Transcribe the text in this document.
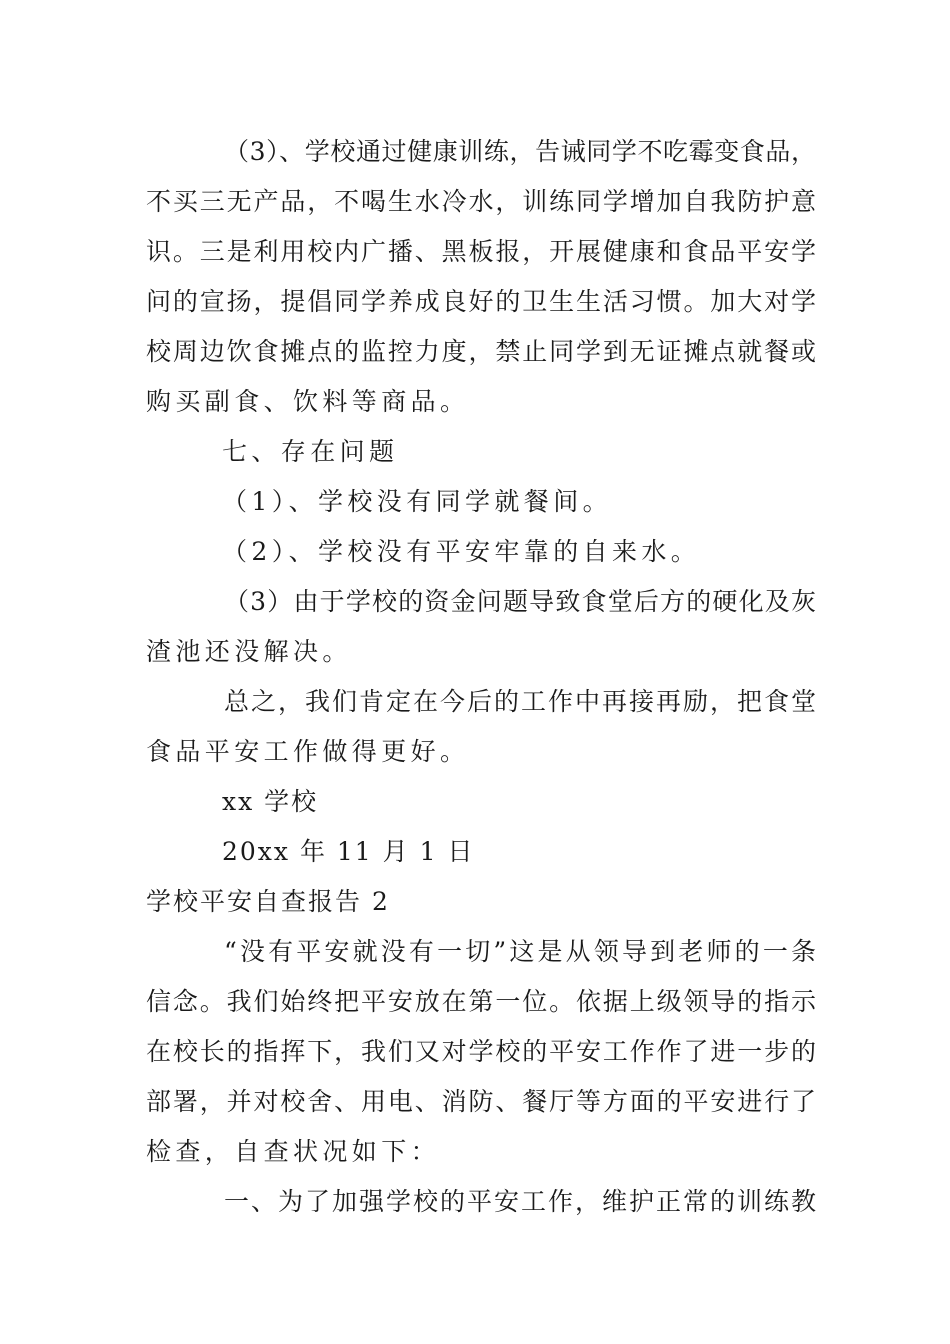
（3）、学校通过健康训练，告诫同学不吃霉变食品，
不买三无产品，不喝生水冷水，训练同学增加自我防护意
识。三是利用校内广播、黑板报，开展健康和食品平安学
问的宣扬，提倡同学养成良好的卫生生活习惯。加大对学
校周边饮食摊点的监控力度，禁止同学到无证摊点就餐或
购买副食、饮料等商品。
七、存在问题
（1）、学校没有同学就餐间。
（2）、学校没有平安牢靠的自来水。
（3）由于学校的资金问题导致食堂后方的硬化及灰
渣池还没解决。
总之，我们肯定在今后的工作中再接再励，把食堂
食品平安工作做得更好。
xx 学校
20xx 年 11 月 1 日
学校平安自查报告 2
“没有平安就没有一切”这是从领导到老师的一条
信念。我们始终把平安放在第一位。依据上级领导的指示
在校长的指挥下，我们又对学校的平安工作作了进一步的
部署，并对校舍、用电、消防、餐厅等方面的平安进行了
检查，自查状况如下：
一、为了加强学校的平安工作，维护正常的训练教
